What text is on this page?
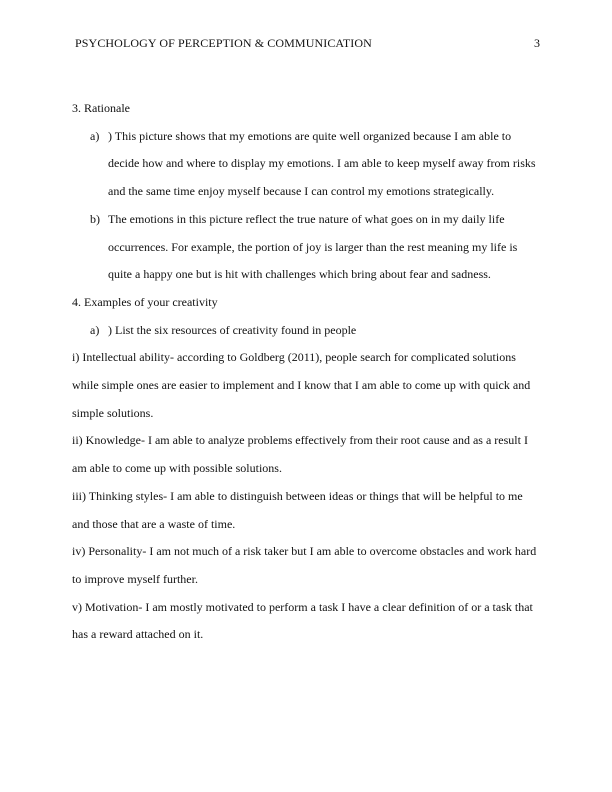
PSYCHOLOGY OF PERCEPTION & COMMUNICATION	3

3. Rationale

a) ) This picture shows that my emotions are quite well organized because I am able to

decide how and where to display my emotions. I am able to keep myself away from risks

and the same time enjoy myself because I can control my emotions strategically.

b) The emotions in this picture reflect the true nature of what goes on in my daily life

occurrences. For example, the portion of joy is larger than the rest meaning my life is

quite a happy one but is hit with challenges which bring about fear and sadness.

4. Examples of your creativity

a) ) List the six resources of creativity found in people

i) Intellectual ability- according to Goldberg (2011), people search for complicated solutions

while simple ones are easier to implement and I know that I am able to come up with quick and

simple solutions.

ii) Knowledge- I am able to analyze problems effectively from their root cause and as a result I

am able to come up with possible solutions.

iii) Thinking styles- I am able to distinguish between ideas or things that will be helpful to me

and those that are a waste of time.

iv) Personality- I am not much of a risk taker but I am able to overcome obstacles and work hard

to improve myself further.

v) Motivation- I am mostly motivated to perform a task I have a clear definition of or a task that

has a reward attached on it.
